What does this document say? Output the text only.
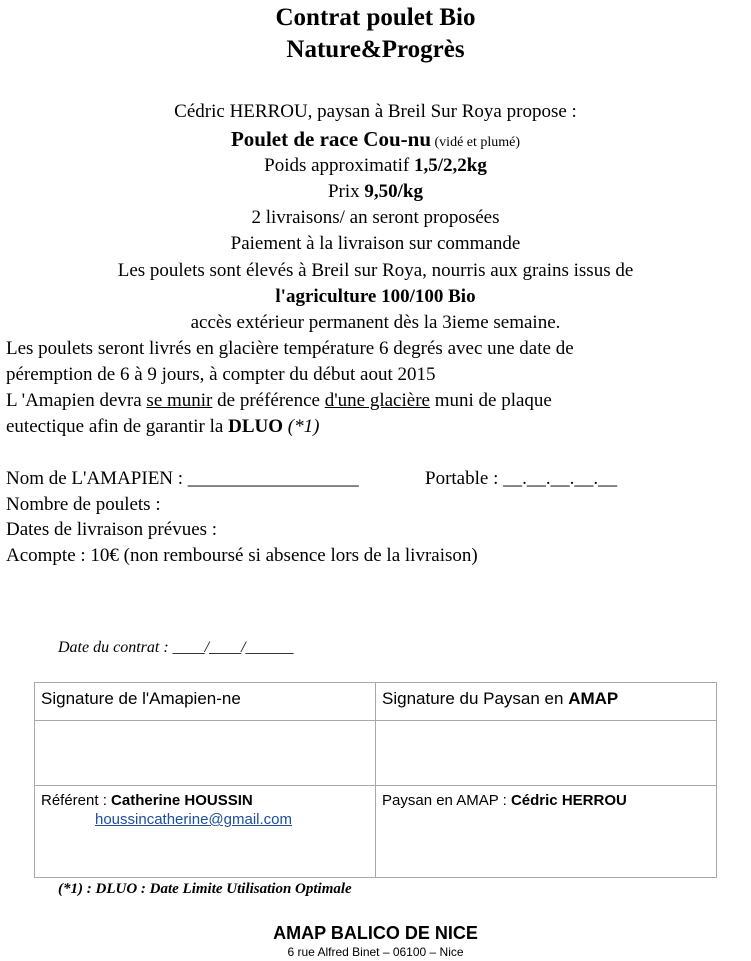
Contrat poulet Bio
Nature&Progrès
Cédric HERROU, paysan à Breil Sur Roya propose :
Poulet de race Cou-nu (vidé et plumé)
Poids approximatif 1,5/2,2kg
Prix 9,50/kg
2 livraisons/ an seront proposées
Paiement à la livraison sur commande
Les poulets sont élevés à Breil sur Roya, nourris aux grains issus de
l'agriculture 100/100 Bio
accès extérieur permanent dès la 3ieme semaine.
Les poulets seront livrés en glacière température 6 degrés avec une date de
péremption de 6 à 9 jours, à compter du début aout 2015
L 'Amapien devra se munir de préférence d'une glacière muni de plaque
eutectique afin de garantir la DLUO (*1)
Nom de L'AMAPIEN : __________________	Portable : __.__.__.__.__
Nombre de poulets :
Dates de livraison prévues :
Acompte : 10€ (non remboursé si absence lors de la livraison)
Date du contrat : ____/____/______
Signature de l'Amapien-ne	Signature du Paysan en AMAP

Référent : Catherine HOUSSIN
houssincatherine@gmail.com	Paysan en AMAP : Cédric HERROU
(*1) : DLUO : Date Limite Utilisation Optimale
AMAP BALICO DE NICE
6 rue Alfred Binet – 06100 – Nice
